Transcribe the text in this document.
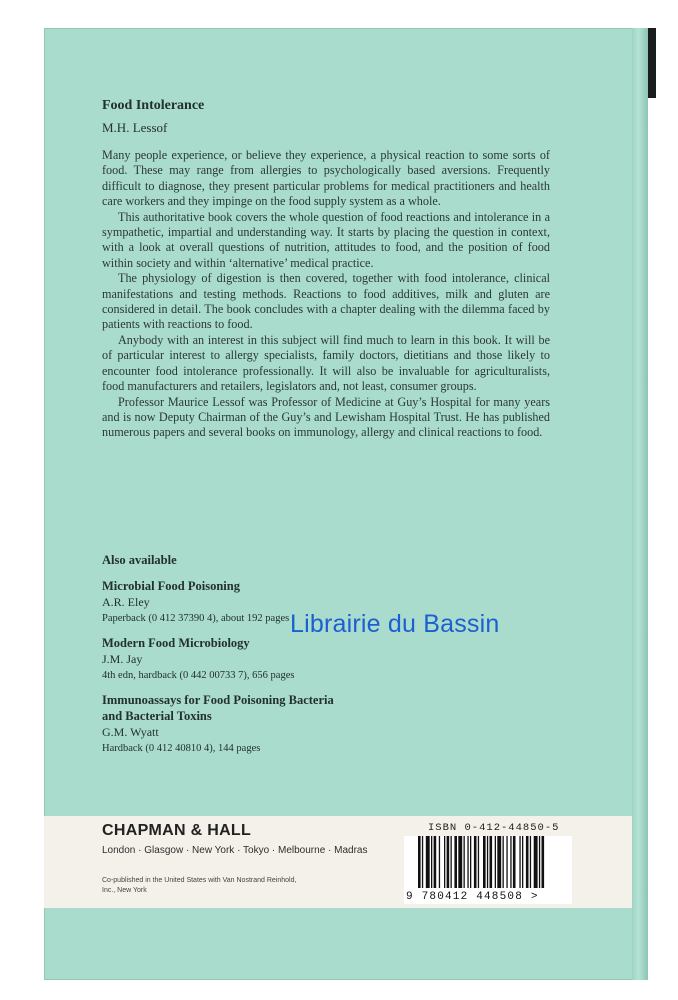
Food Intolerance

M.H. Lessof

Many people experience, or believe they experience, a physical reaction to some sorts of food. These may range from allergies to psychologically based aversions. Frequently difficult to diagnose, they present particular problems for medical practitioners and health care workers and they impinge on the food supply system as a whole.

This authoritative book covers the whole question of food reactions and intolerance in a sympathetic, impartial and understanding way. It starts by placing the question in context, with a look at overall questions of nutrition, attitudes to food, and the position of food within society and within ‘alternative’ medical practice.

The physiology of digestion is then covered, together with food intolerance, clinical manifestations and testing methods. Reactions to food additives, milk and gluten are considered in detail. The book concludes with a chapter dealing with the dilemma faced by patients with reactions to food.

Anybody with an interest in this subject will find much to learn in this book. It will be of particular interest to allergy specialists, family doctors, dietitians and those likely to encounter food intolerance professionally. It will also be invaluable for agriculturalists, food manufacturers and retailers, legislators and, not least, consumer groups.

Professor Maurice Lessof was Professor of Medicine at Guy’s Hospital for many years and is now Deputy Chairman of the Guy’s and Lewisham Hospital Trust. He has published numerous papers and several books on immunology, allergy and clinical reactions to food.

Also available
Microbial Food Poisoning
A.R. Eley
Paperback (0 412 37390 4), about 192 pages
Modern Food Microbiology
J.M. Jay
4th edn, hardback (0 442 00733 7), 656 pages
Immunoassays for Food Poisoning Bacteria and Bacterial Toxins
G.M. Wyatt
Hardback (0 412 40810 4), 144 pages
Librairie du Bassin
CHAPMAN & HALL
London · Glasgow · New York · Tokyo · Melbourne · Madras
Co-published in the United States with Van Nostrand Reinhold, Inc., New York
ISBN 0-412-44850-5
9 780412 448508 >
